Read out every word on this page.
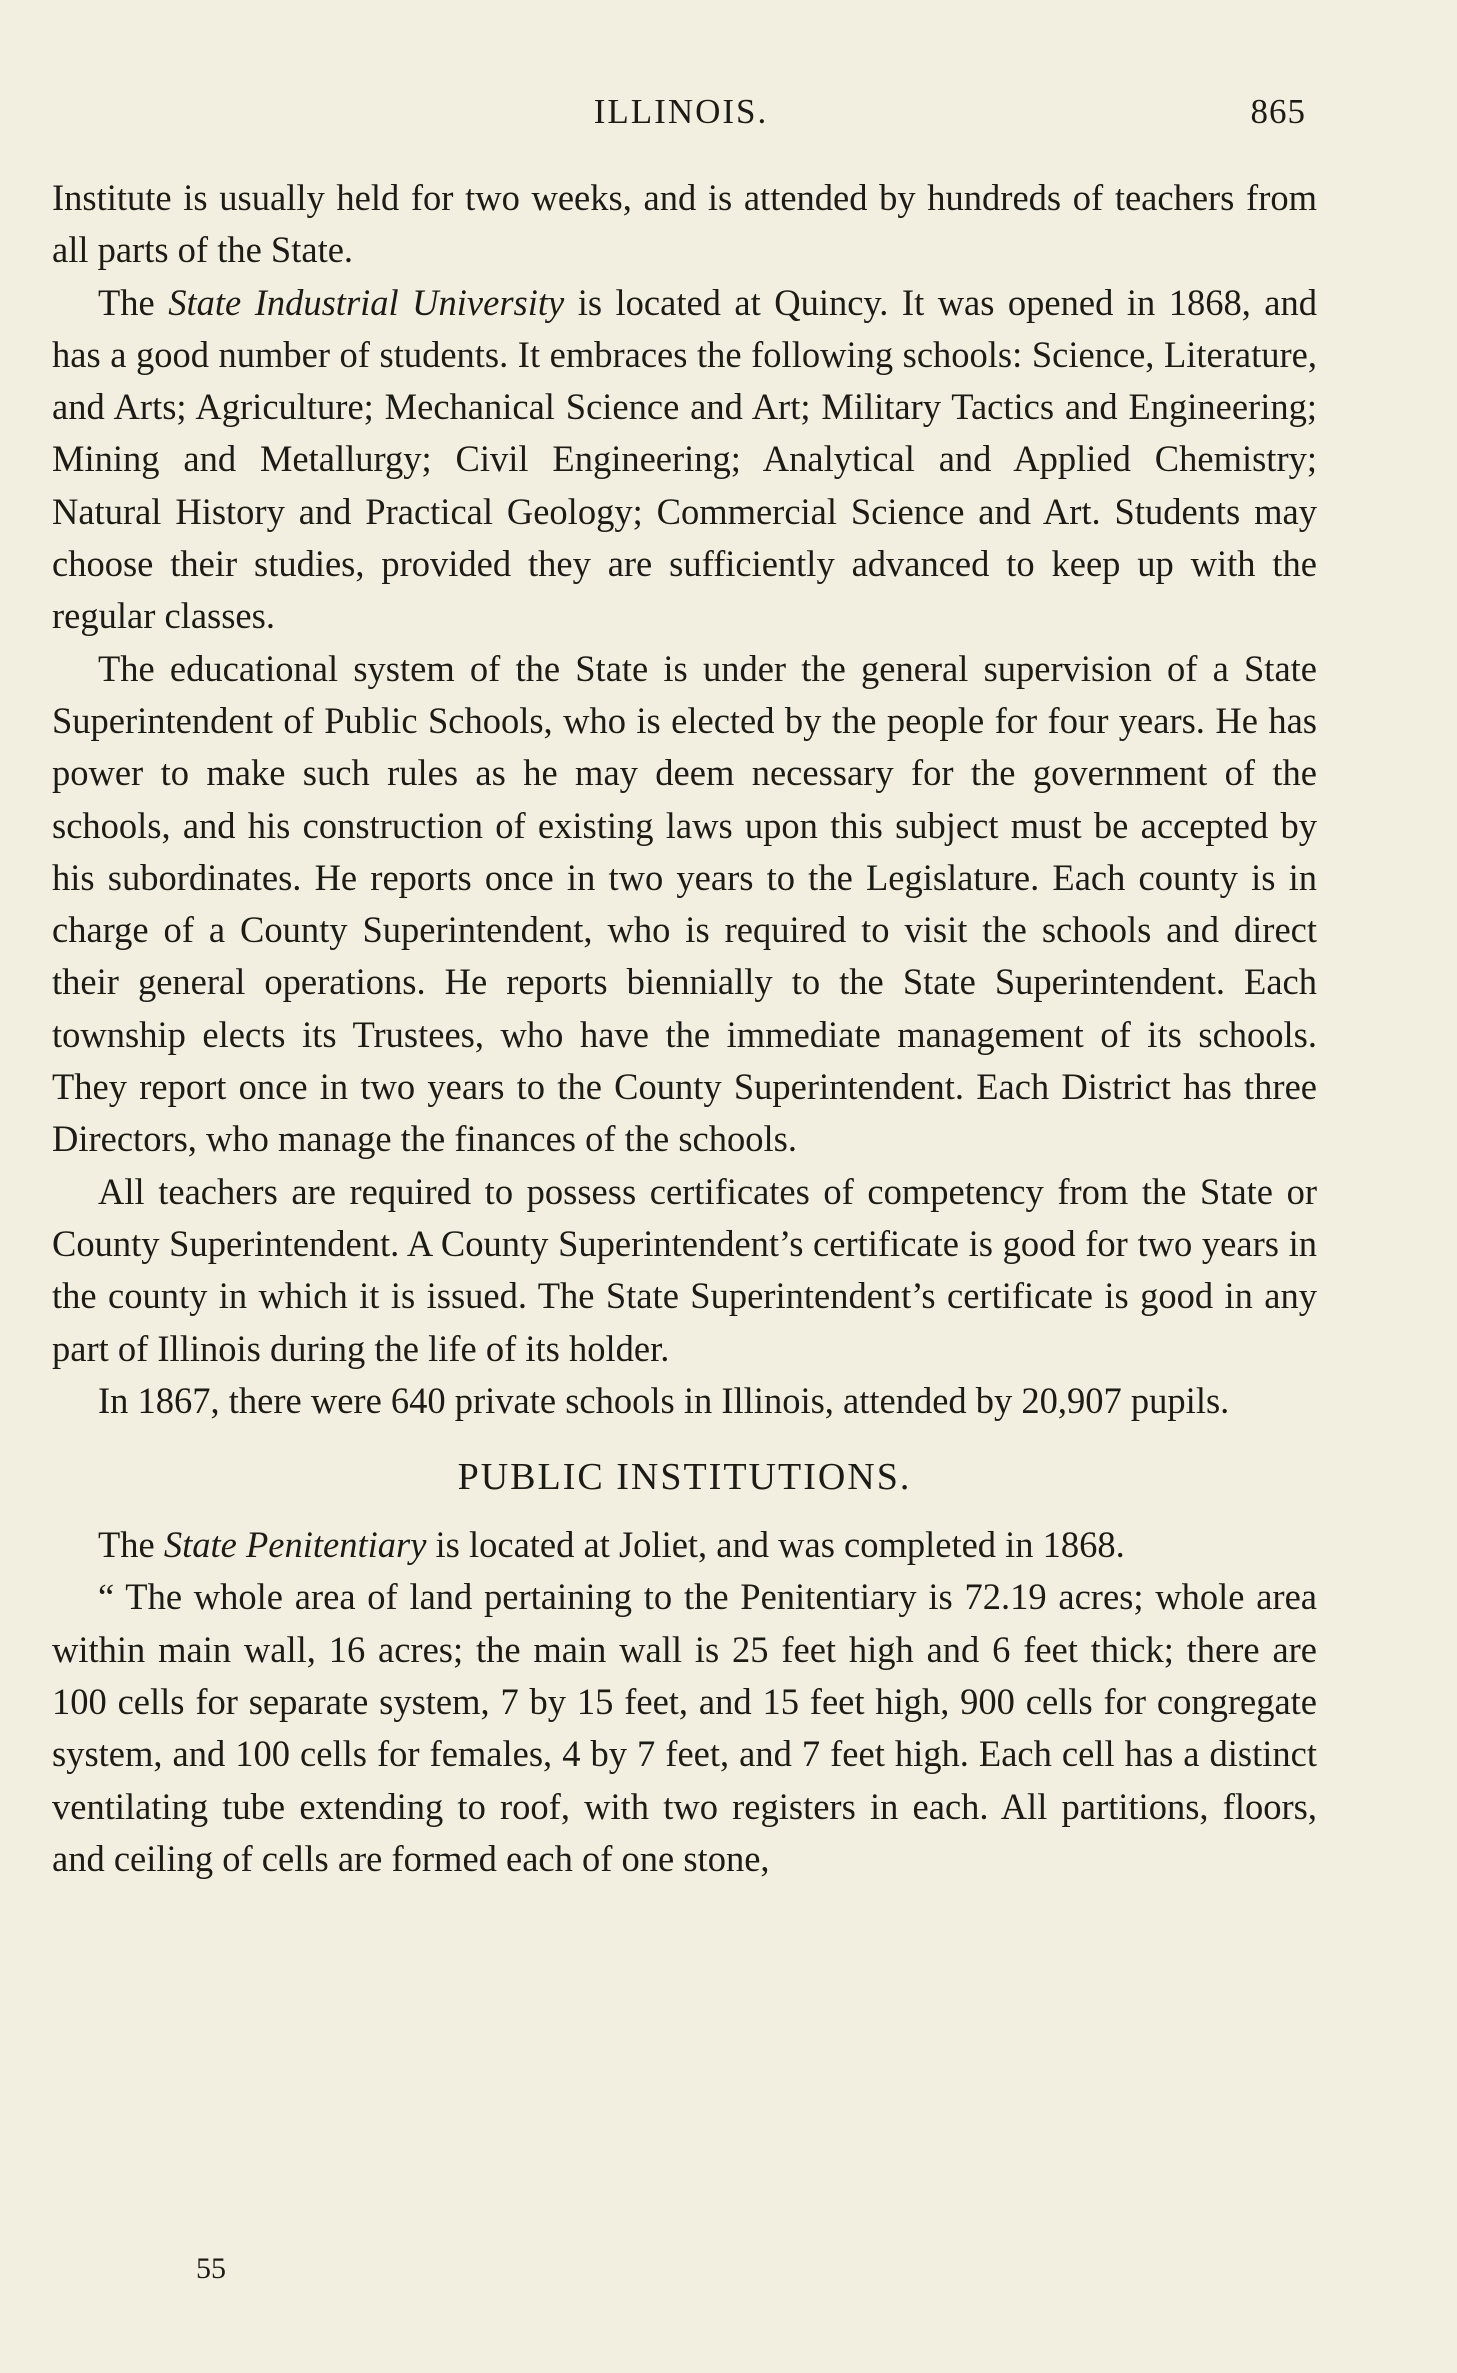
ILLINOIS.	865

Institute is usually held for two weeks, and is attended by hundreds of teachers from all parts of the State.

The State Industrial University is located at Quincy. It was opened in 1868, and has a good number of students. It embraces the following schools: Science, Literature, and Arts; Agriculture; Mechanical Science and Art; Military Tactics and Engineering; Mining and Metallurgy; Civil Engineering; Analytical and Applied Chemistry; Natural History and Practical Geology; Commercial Science and Art. Students may choose their studies, provided they are sufficiently advanced to keep up with the regular classes.

The educational system of the State is under the general supervision of a State Superintendent of Public Schools, who is elected by the people for four years. He has power to make such rules as he may deem necessary for the government of the schools, and his construction of existing laws upon this subject must be accepted by his subordinates. He reports once in two years to the Legislature. Each county is in charge of a County Superintendent, who is required to visit the schools and direct their general operations. He reports biennially to the State Superintendent. Each township elects its Trustees, who have the immediate management of its schools. They report once in two years to the County Superintendent. Each District has three Directors, who manage the finances of the schools.

All teachers are required to possess certificates of competency from the State or County Superintendent. A County Superintendent’s certificate is good for two years in the county in which it is issued. The State Superintendent’s certificate is good in any part of Illinois during the life of its holder.

In 1867, there were 640 private schools in Illinois, attended by 20,907 pupils.

PUBLIC INSTITUTIONS.

The State Penitentiary is located at Joliet, and was completed in 1868.

“ The whole area of land pertaining to the Penitentiary is 72.19 acres; whole area within main wall, 16 acres; the main wall is 25 feet high and 6 feet thick; there are 100 cells for separate system, 7 by 15 feet, and 15 feet high, 900 cells for congregate system, and 100 cells for females, 4 by 7 feet, and 7 feet high. Each cell has a distinct ventilating tube extending to roof, with two registers in each. All partitions, floors, and ceiling of cells are formed each of one stone,

55
